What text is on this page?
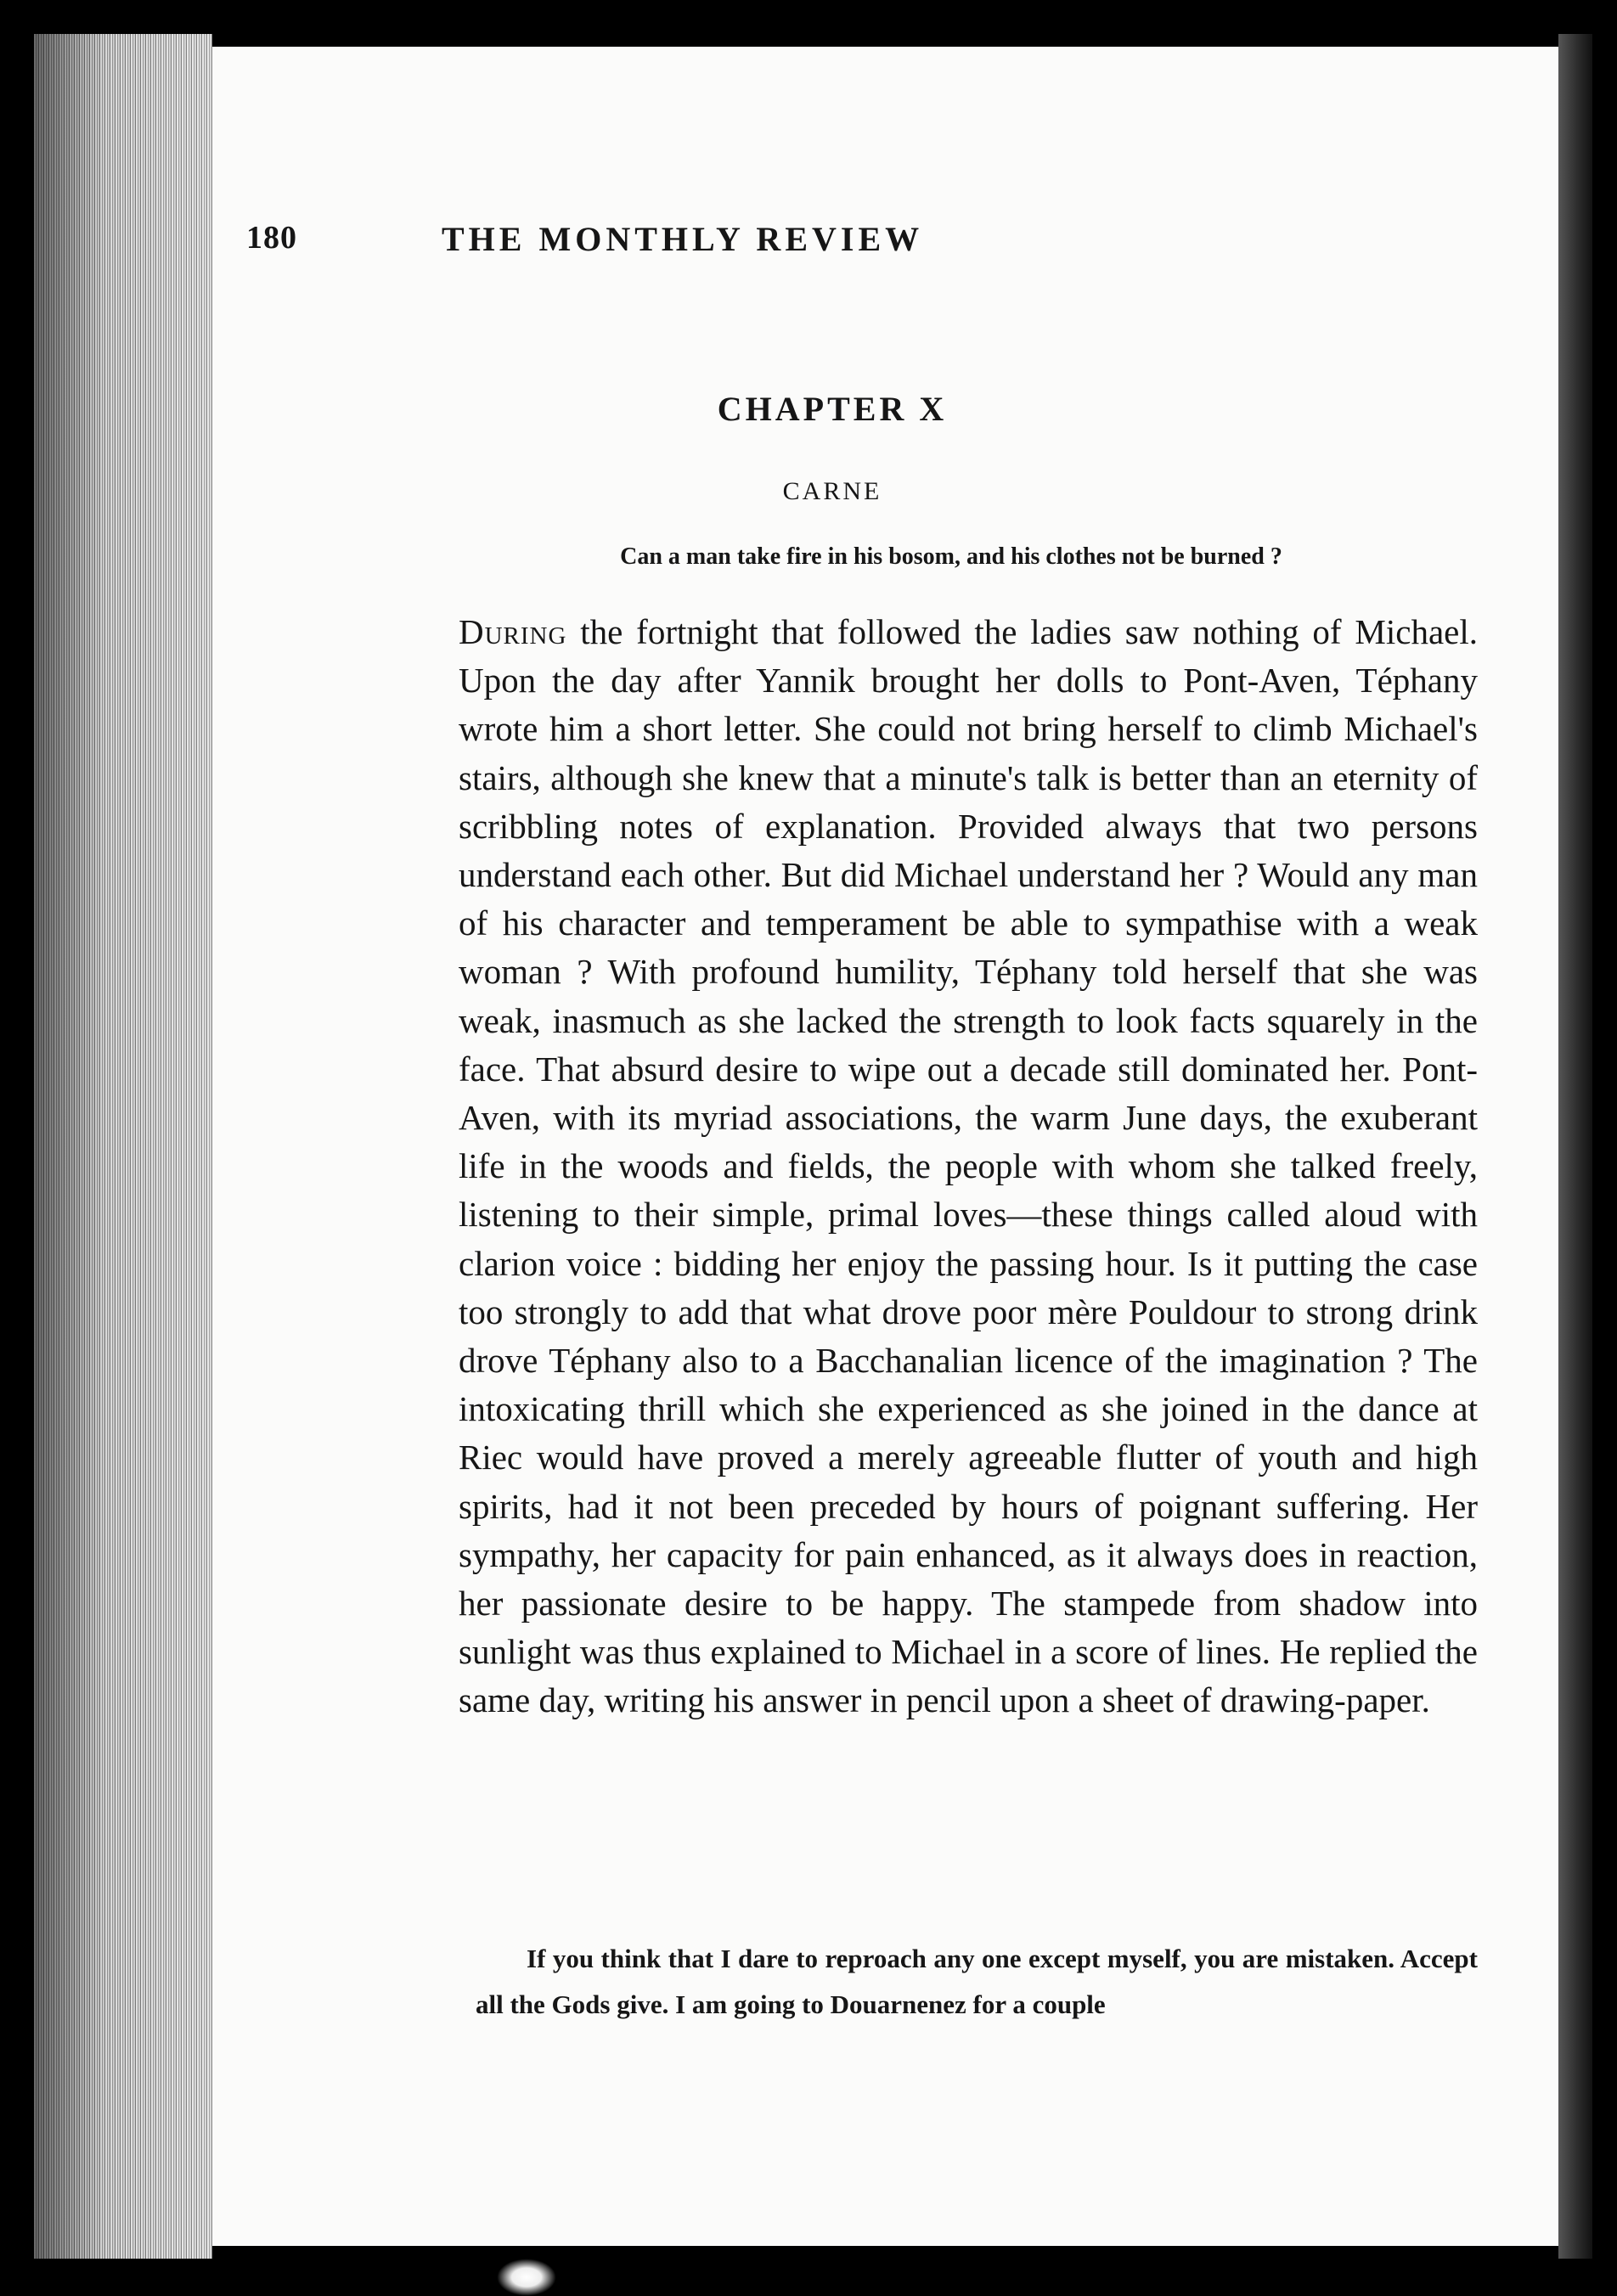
180	THE MONTHLY REVIEW
CHAPTER X
CARNE
Can a man take fire in his bosom, and his clothes not be burned ?

During the fortnight that followed the ladies saw nothing of Michael. Upon the day after Yannik brought her dolls to Pont-Aven, Téphany wrote him a short letter. She could not bring herself to climb Michael's stairs, although she knew that a minute's talk is better than an eternity of scribbling notes of explanation. Provided always that two persons understand each other. But did Michael understand her ? Would any man of his character and temperament be able to sympathise with a weak woman ? With profound humility, Téphany told herself that she was weak, inasmuch as she lacked the strength to look facts squarely in the face. That absurd desire to wipe out a decade still dominated her. Pont-Aven, with its myriad associations, the warm June days, the exuberant life in the woods and fields, the people with whom she talked freely, listening to their simple, primal loves—these things called aloud with clarion voice : bidding her enjoy the passing hour. Is it putting the case too strongly to add that what drove poor mère Pouldour to strong drink drove Téphany also to a Bacchanalian licence of the imagination ? The intoxicating thrill which she experienced as she joined in the dance at Riec would have proved a merely agreeable flutter of youth and high spirits, had it not been preceded by hours of poignant suffering. Her sympathy, her capacity for pain enhanced, as it always does in reaction, her passionate desire to be happy. The stampede from shadow into sunlight was thus explained to Michael in a score of lines. He replied the same day, writing his answer in pencil upon a sheet of drawing-paper.

If you think that I dare to reproach any one except myself, you are mistaken. Accept all the Gods give. I am going to Douarnenez for a couple
